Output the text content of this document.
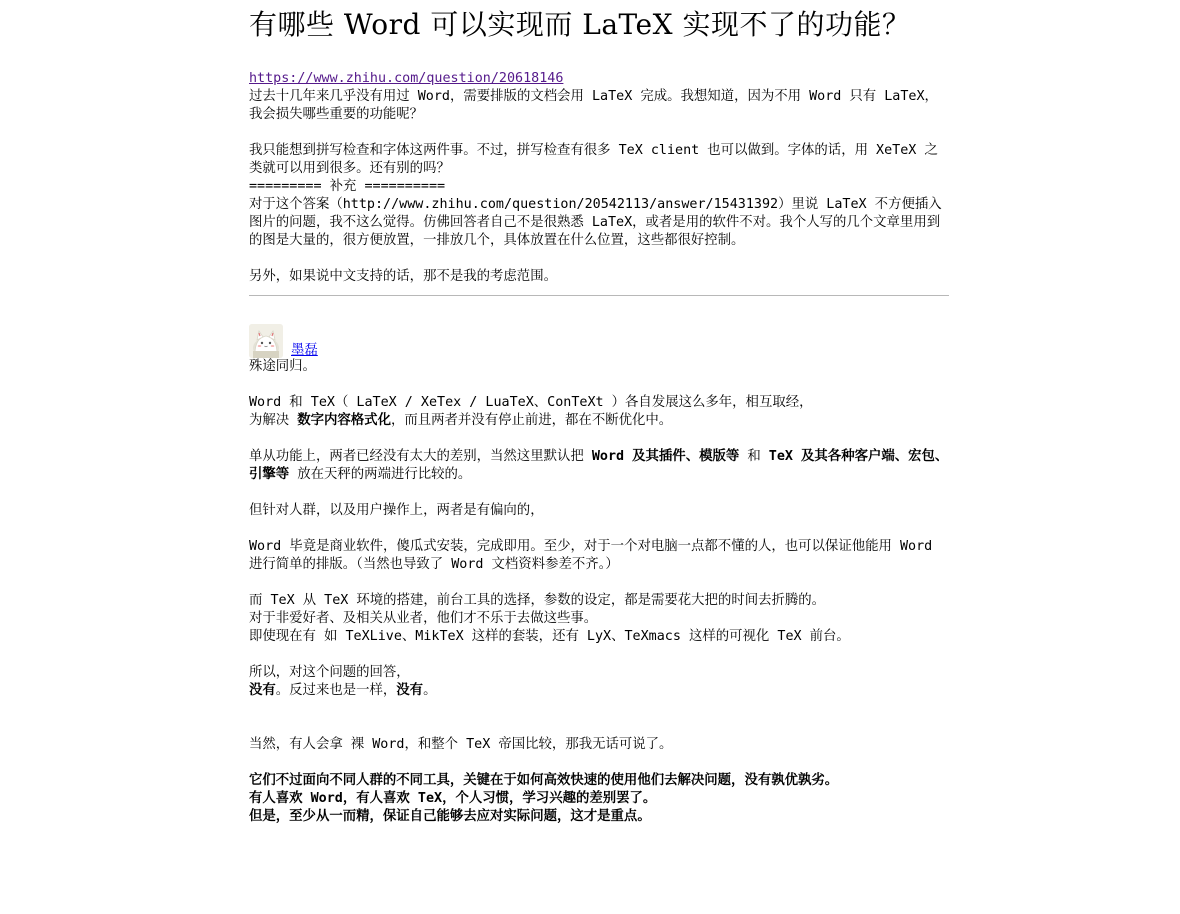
有哪些 Word 可以实现而 LaTeX 实现不了的功能？
https://www.zhihu.com/question/20618146

过去十几年来几乎没有用过 Word，需要排版的文档会用 LaTeX 完成。我想知道，因为不用 Word 只有 LaTeX，我会损失哪些重要的功能呢？

我只能想到拼写检查和字体这两件事。不过，拼写检查有很多 TeX client 也可以做到。字体的话，用 XeTeX 之类就可以用到很多。还有别的吗？

========= 补充 ==========

对于这个答案（http://www.zhihu.com/question/20542113/answer/15431392）里说 LaTeX 不方便插入图片的问题，我不这么觉得。仿佛回答者自己不是很熟悉 LaTeX，或者是用的软件不对。我个人写的几个文章里用到的图是大量的，很方便放置，一排放几个，具体放置在什么位置，这些都很好控制。

另外，如果说中文支持的话，那不是我的考虑范围。

墨磊

殊途同归。

Word 和 TeX（ LaTeX / XeTex / LuaTeX、ConTeXt ）各自发展这么多年，相互取经，

为解决 数字内容格式化，而且两者并没有停止前进，都在不断优化中。

单从功能上，两者已经没有太大的差别，当然这里默认把 Word 及其插件、模版等 和 TeX 及其各种客户端、宏包、引擎等 放在天秤的两端进行比较的。

但针对人群，以及用户操作上，两者是有偏向的，

Word 毕竟是商业软件，傻瓜式安装，完成即用。至少，对于一个对电脑一点都不懂的人，也可以保证他能用 Word 进行简单的排版。（当然也导致了 Word 文档资料参差不齐。）

而 TeX 从 TeX 环境的搭建，前台工具的选择，参数的设定，都是需要花大把的时间去折腾的。

对于非爱好者、及相关从业者，他们才不乐于去做这些事。

即使现在有 如 TeXLive、MikTeX 这样的套装，还有 LyX、TeXmacs 这样的可视化 TeX 前台。

所以，对这个问题的回答，

没有。反过来也是一样，没有。

当然，有人会拿 裸 Word，和整个 TeX 帝国比较，那我无话可说了。

它们不过面向不同人群的不同工具，关键在于如何高效快速的使用他们去解决问题，没有孰优孰劣。

有人喜欢 Word，有人喜欢 TeX，个人习惯，学习兴趣的差别罢了。

但是，至少从一而精，保证自己能够去应对实际问题，这才是重点。
